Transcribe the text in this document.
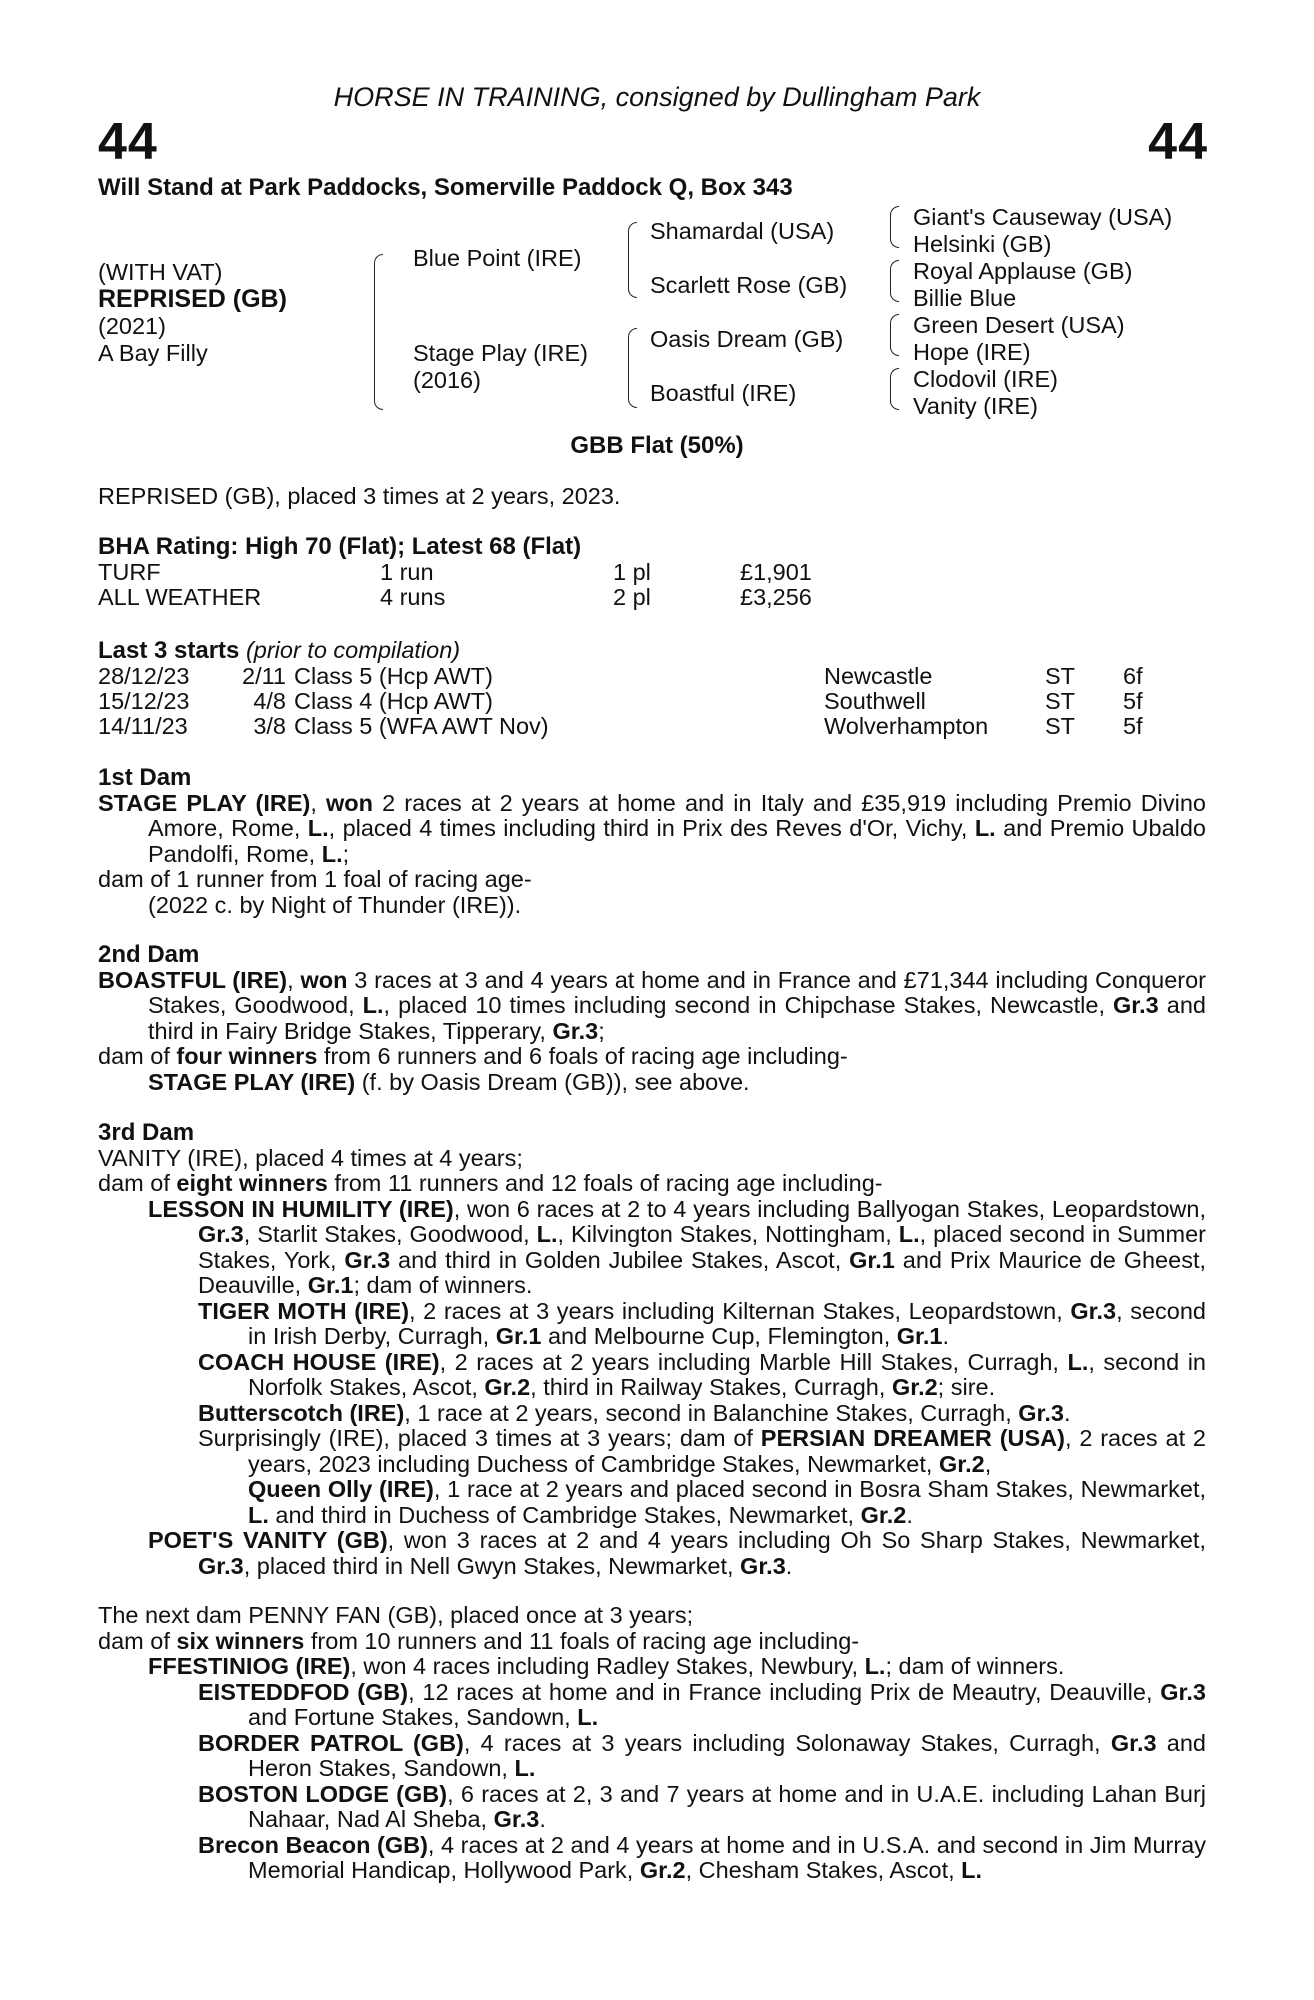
HORSE IN TRAINING, consigned by Dullingham Park
44	44
Will Stand at Park Paddocks, Somerville Paddock Q, Box 343
(WITH VAT)
REPRISED (GB)
(2021)
A Bay Filly
Blue Point (IRE)
Stage Play (IRE)
(2016)
Shamardal (USA)
Scarlett Rose (GB)
Oasis Dream (GB)
Boastful (IRE)
Giant's Causeway (USA)
Helsinki (GB)
Royal Applause (GB)
Billie Blue
Green Desert (USA)
Hope (IRE)
Clodovil (IRE)
Vanity (IRE)
GBB Flat (50%)
REPRISED (GB), placed 3 times at 2 years, 2023.
BHA Rating: High 70 (Flat); Latest 68 (Flat)
TURF	1 run	1 pl	£1,901
ALL WEATHER	4 runs	2 pl	£3,256
Last 3 starts (prior to compilation)
28/12/23	2/11	Class 5 (Hcp AWT)	Newcastle	ST	6f
15/12/23	4/8	Class 4 (Hcp AWT)	Southwell	ST	5f
14/11/23	3/8	Class 5 (WFA AWT Nov)	Wolverhampton	ST	5f
1st Dam
STAGE PLAY (IRE), won 2 races at 2 years at home and in Italy and £35,919 including Premio Divino Amore, Rome, L., placed 4 times including third in Prix des Reves d'Or, Vichy, L. and Premio Ubaldo Pandolfi, Rome, L.;
dam of 1 runner from 1 foal of racing age-
(2022 c. by Night of Thunder (IRE)).
2nd Dam
BOASTFUL (IRE), won 3 races at 3 and 4 years at home and in France and £71,344 including Conqueror Stakes, Goodwood, L., placed 10 times including second in Chipchase Stakes, Newcastle, Gr.3 and third in Fairy Bridge Stakes, Tipperary, Gr.3;
dam of four winners from 6 runners and 6 foals of racing age including-
STAGE PLAY (IRE) (f. by Oasis Dream (GB)), see above.
3rd Dam
VANITY (IRE), placed 4 times at 4 years;
dam of eight winners from 11 runners and 12 foals of racing age including-
LESSON IN HUMILITY (IRE), won 6 races at 2 to 4 years including Ballyogan Stakes, Leopardstown, Gr.3, Starlit Stakes, Goodwood, L., Kilvington Stakes, Nottingham, L., placed second in Summer Stakes, York, Gr.3 and third in Golden Jubilee Stakes, Ascot, Gr.1 and Prix Maurice de Gheest, Deauville, Gr.1; dam of winners.
TIGER MOTH (IRE), 2 races at 3 years including Kilternan Stakes, Leopardstown, Gr.3, second in Irish Derby, Curragh, Gr.1 and Melbourne Cup, Flemington, Gr.1.
COACH HOUSE (IRE), 2 races at 2 years including Marble Hill Stakes, Curragh, L., second in Norfolk Stakes, Ascot, Gr.2, third in Railway Stakes, Curragh, Gr.2; sire.
Butterscotch (IRE), 1 race at 2 years, second in Balanchine Stakes, Curragh, Gr.3.
Surprisingly (IRE), placed 3 times at 3 years; dam of PERSIAN DREAMER (USA), 2 races at 2 years, 2023 including Duchess of Cambridge Stakes, Newmarket, Gr.2,
Queen Olly (IRE), 1 race at 2 years and placed second in Bosra Sham Stakes, Newmarket, L. and third in Duchess of Cambridge Stakes, Newmarket, Gr.2.
POET'S VANITY (GB), won 3 races at 2 and 4 years including Oh So Sharp Stakes, Newmarket, Gr.3, placed third in Nell Gwyn Stakes, Newmarket, Gr.3.
The next dam PENNY FAN (GB), placed once at 3 years;
dam of six winners from 10 runners and 11 foals of racing age including-
FFESTINIOG (IRE), won 4 races including Radley Stakes, Newbury, L.; dam of winners.
EISTEDDFOD (GB), 12 races at home and in France including Prix de Meautry, Deauville, Gr.3 and Fortune Stakes, Sandown, L.
BORDER PATROL (GB), 4 races at 3 years including Solonaway Stakes, Curragh, Gr.3 and Heron Stakes, Sandown, L.
BOSTON LODGE (GB), 6 races at 2, 3 and 7 years at home and in U.A.E. including Lahan Burj Nahaar, Nad Al Sheba, Gr.3.
Brecon Beacon (GB), 4 races at 2 and 4 years at home and in U.S.A. and second in Jim Murray Memorial Handicap, Hollywood Park, Gr.2, Chesham Stakes, Ascot, L.
